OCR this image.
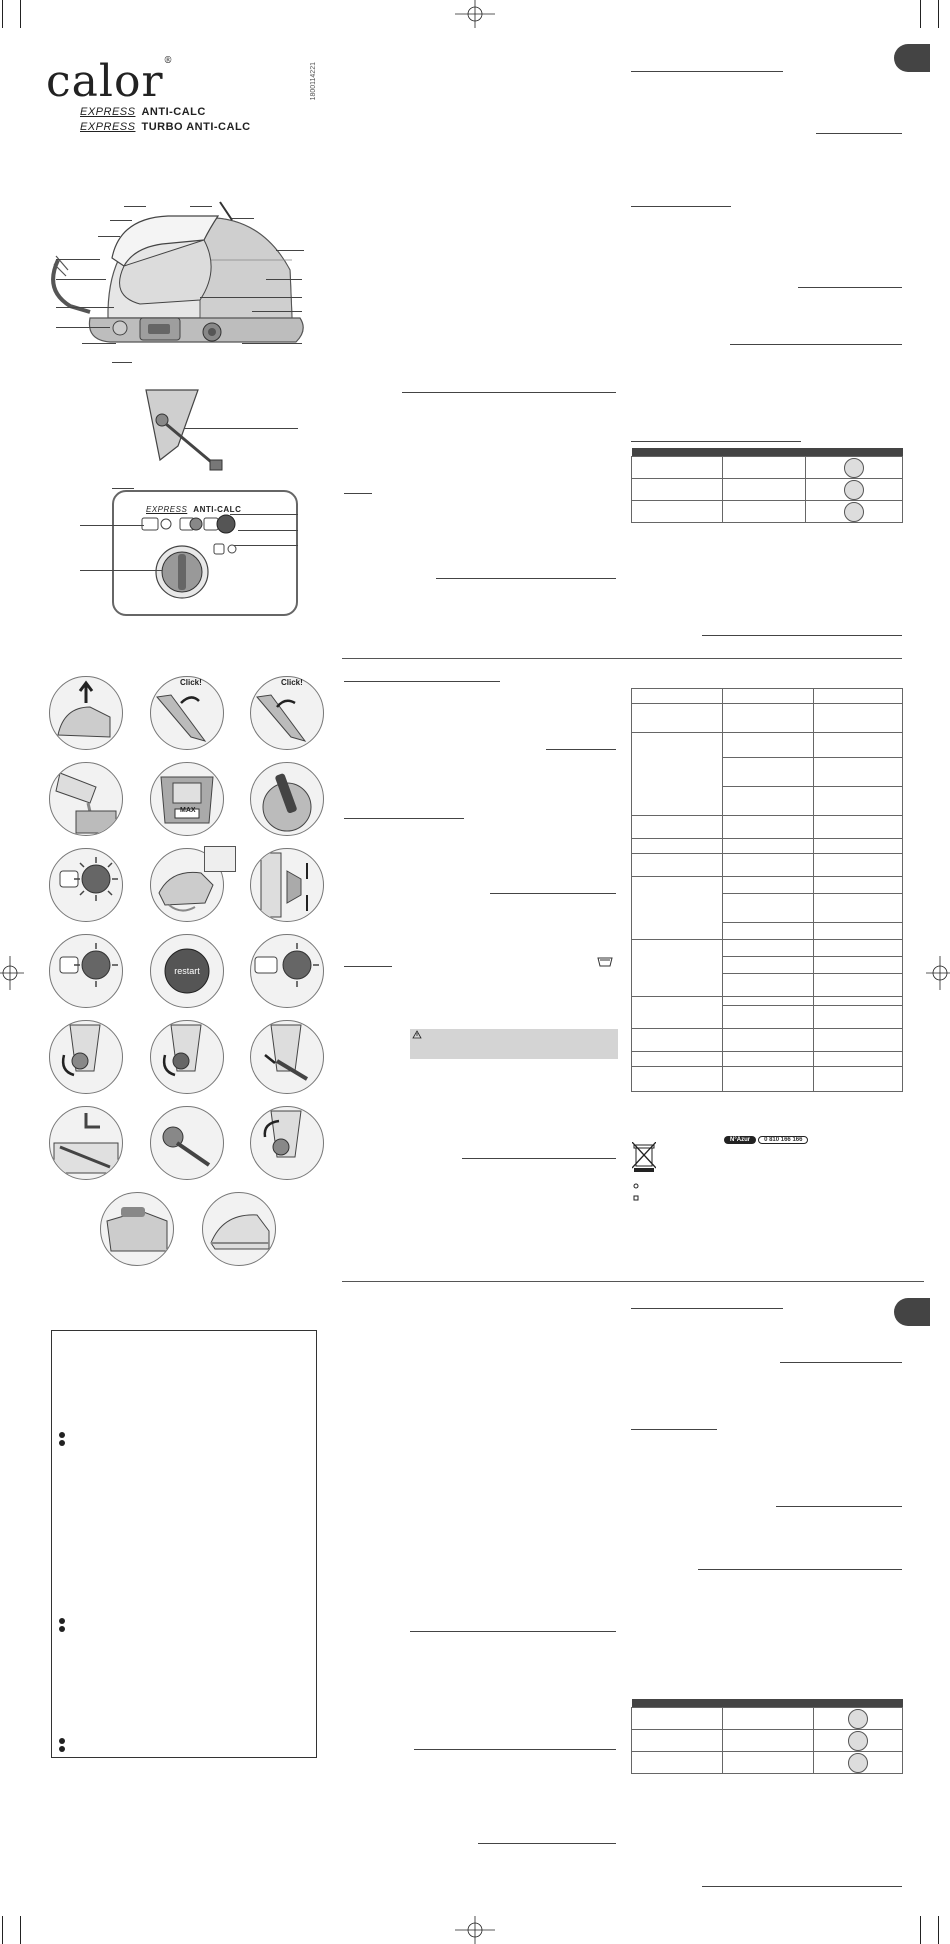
calor®
EXPRESS ANTI-CALC
EXPRESS TURBO ANTI-CALC
1800114221
EXPRESS ANTI-CALC
Click!	Click!
MAX
restart

N°Azur	0 810 166 166
